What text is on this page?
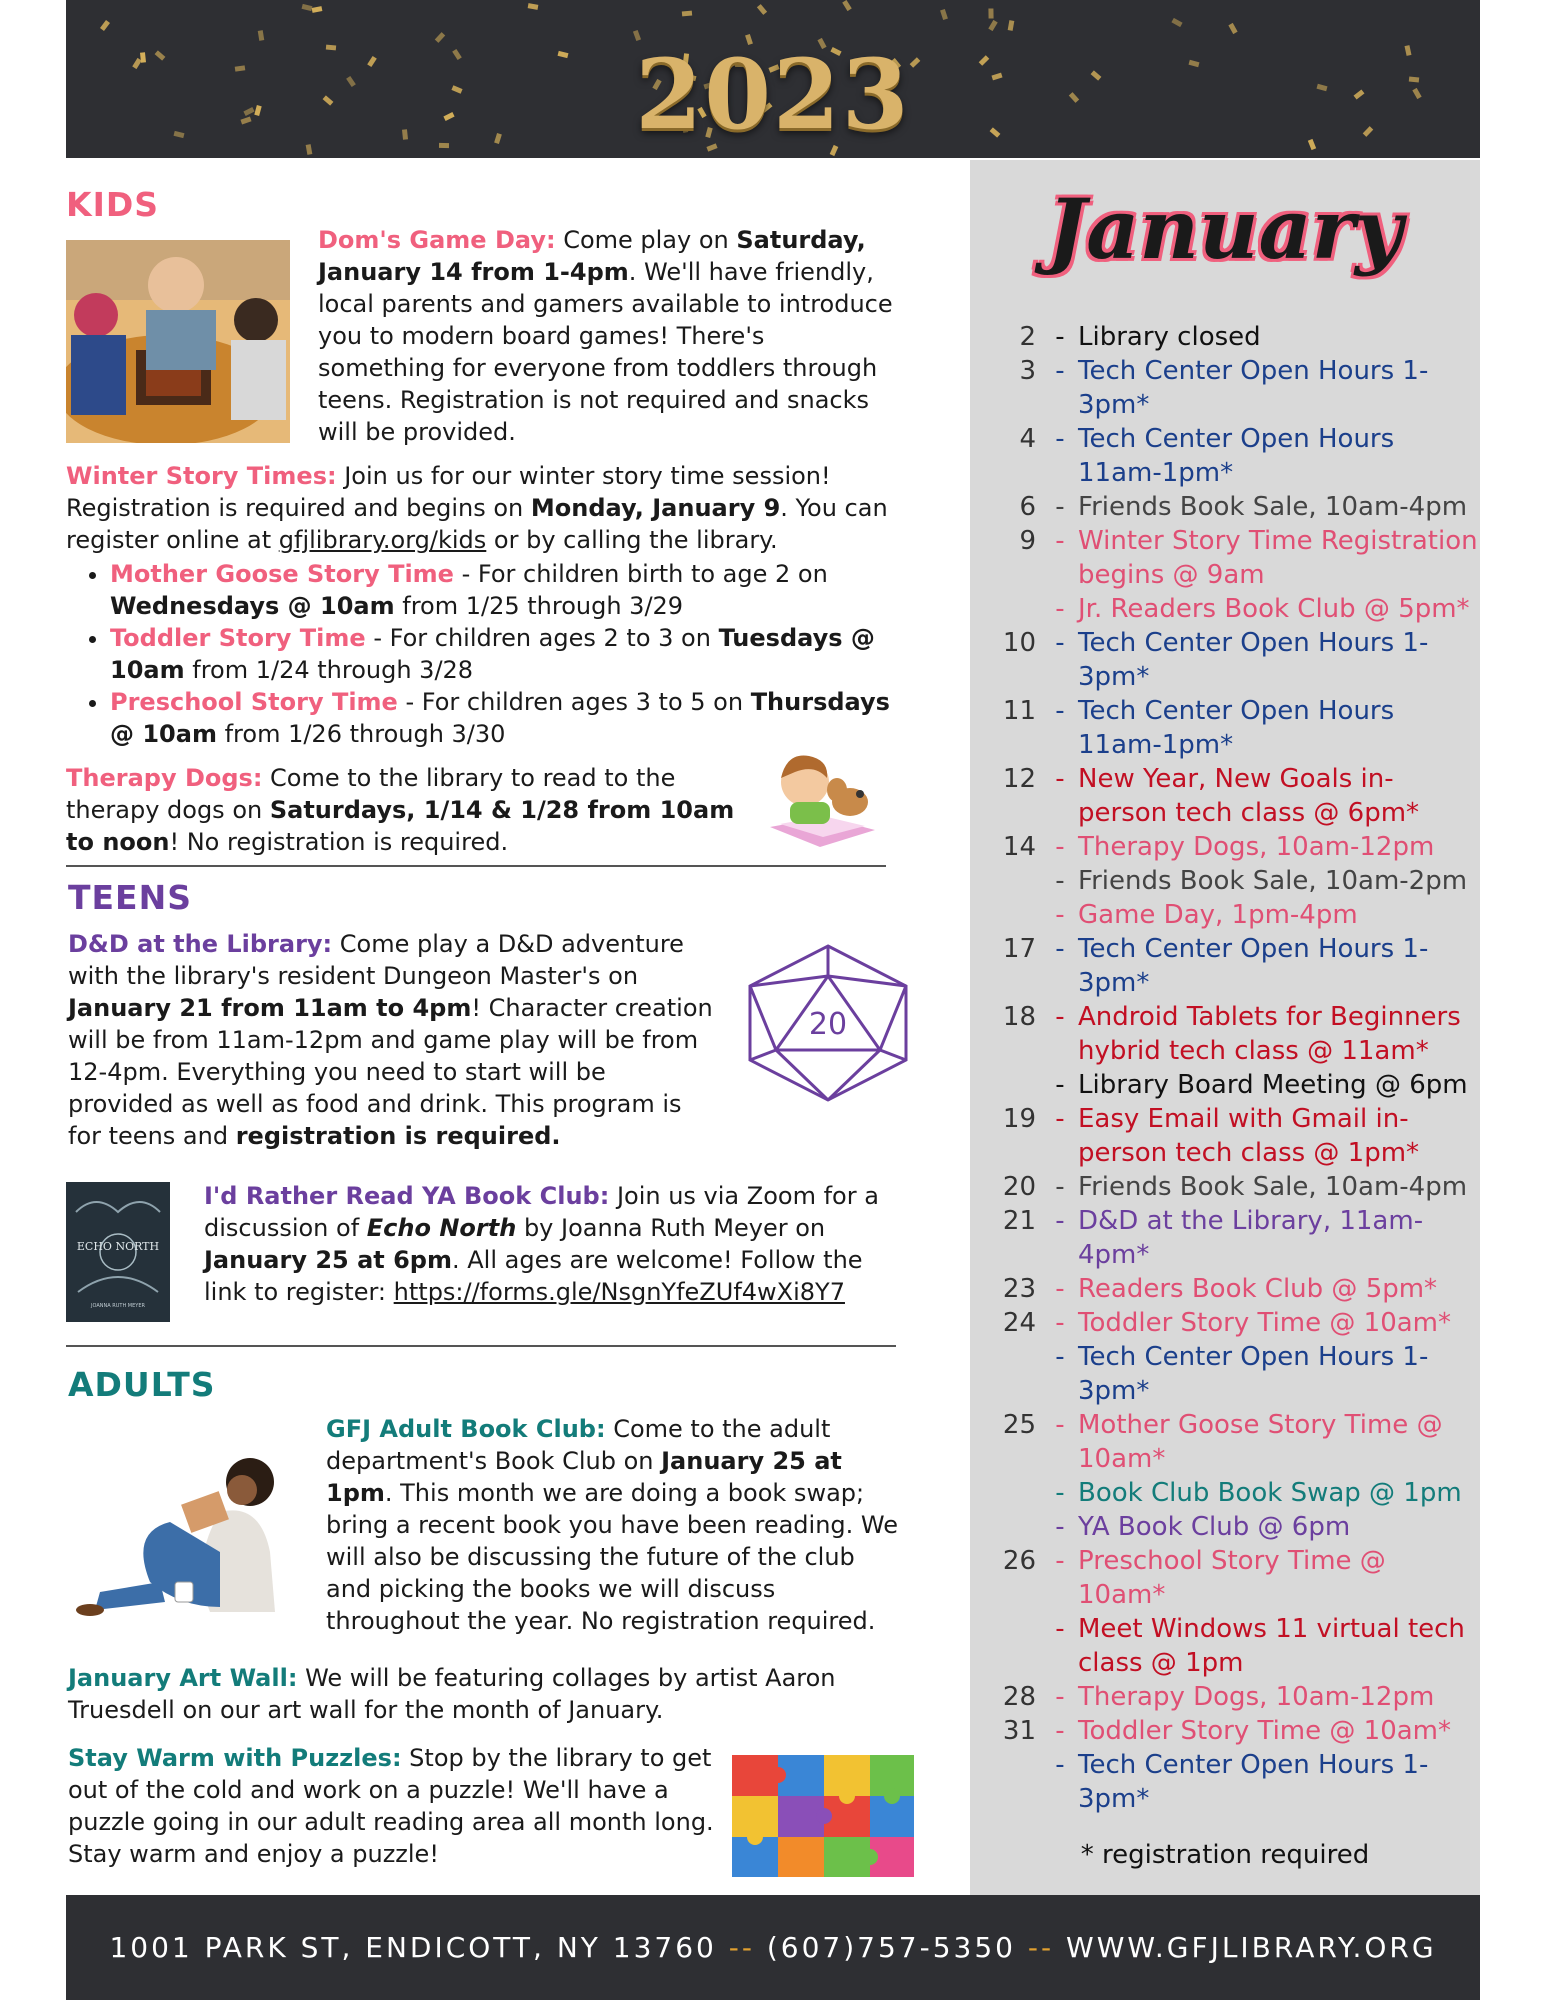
2023
KIDS
Dom's Game Day: Come play on Saturday, January 14 from 1-4pm. We'll have friendly, local parents and gamers available to introduce you to modern board games! There's something for everyone from toddlers through teens. Registration is not required and snacks will be provided.
Winter Story Times: Join us for our winter story time session! Registration is required and begins on Monday, January 9. You can register online at gfjlibrary.org/kids or by calling the library.
• Mother Goose Story Time - For children birth to age 2 on Wednesdays @ 10am from 1/25 through 3/29
• Toddler Story Time - For children ages 2 to 3 on Tuesdays @ 10am from 1/24 through 3/28
• Preschool Story Time - For children ages 3 to 5 on Thursdays @ 10am from 1/26 through 3/30
Therapy Dogs: Come to the library to read to the therapy dogs on Saturdays, 1/14 & 1/28 from 10am to noon! No registration is required.
TEENS
D&D at the Library: Come play a D&D adventure with the library's resident Dungeon Master's on January 21 from 11am to 4pm! Character creation will be from 11am-12pm and game play will be from 12-4pm. Everything you need to start will be provided as well as food and drink. This program is for teens and registration is required.
20
ECHO NORTH
JOANNA RUTH MEYER
I'd Rather Read YA Book Club: Join us via Zoom for a discussion of Echo North by Joanna Ruth Meyer on January 25 at 6pm. All ages are welcome! Follow the link to register: https://forms.gle/NsgnYfeZUf4wXi8Y7
ADULTS
GFJ Adult Book Club: Come to the adult department's Book Club on January 25 at 1pm. This month we are doing a book swap; bring a recent book you have been reading. We will also be discussing the future of the club and picking the books we will discuss throughout the year. No registration required.
January Art Wall: We will be featuring collages by artist Aaron Truesdell on our art wall for the month of January.
Stay Warm with Puzzles: Stop by the library to get out of the cold and work on a puzzle! We'll have a puzzle going in our adult reading area all month long. Stay warm and enjoy a puzzle!
January
2 - Library closed
3 - Tech Center Open Hours 1-3pm*
4 - Tech Center Open Hours 11am-1pm*
6 - Friends Book Sale, 10am-4pm
9 - Winter Story Time Registration begins @ 9am
- Jr. Readers Book Club @ 5pm*
10 - Tech Center Open Hours 1-3pm*
11 - Tech Center Open Hours 11am-1pm*
12 - New Year, New Goals in-person tech class @ 6pm*
14 - Therapy Dogs, 10am-12pm
- Friends Book Sale, 10am-2pm
- Game Day, 1pm-4pm
17 - Tech Center Open Hours 1-3pm*
18 - Android Tablets for Beginners hybrid tech class @ 11am*
- Library Board Meeting @ 6pm
19 - Easy Email with Gmail in-person tech class @ 1pm*
20 - Friends Book Sale, 10am-4pm
21 - D&D at the Library, 11am-4pm*
23 - Readers Book Club @ 5pm*
24 - Toddler Story Time @ 10am*
- Tech Center Open Hours 1-3pm*
25 - Mother Goose Story Time @ 10am*
- Book Club Book Swap @ 1pm
- YA Book Club @ 6pm
26 - Preschool Story Time @ 10am*
- Meet Windows 11 virtual tech class @ 1pm
28 - Therapy Dogs, 10am-12pm
31 - Toddler Story Time @ 10am*
- Tech Center Open Hours 1-3pm*
* registration required
1001 PARK ST, ENDICOTT, NY 13760 -- (607)757-5350 -- WWW.GFJLIBRARY.ORG
